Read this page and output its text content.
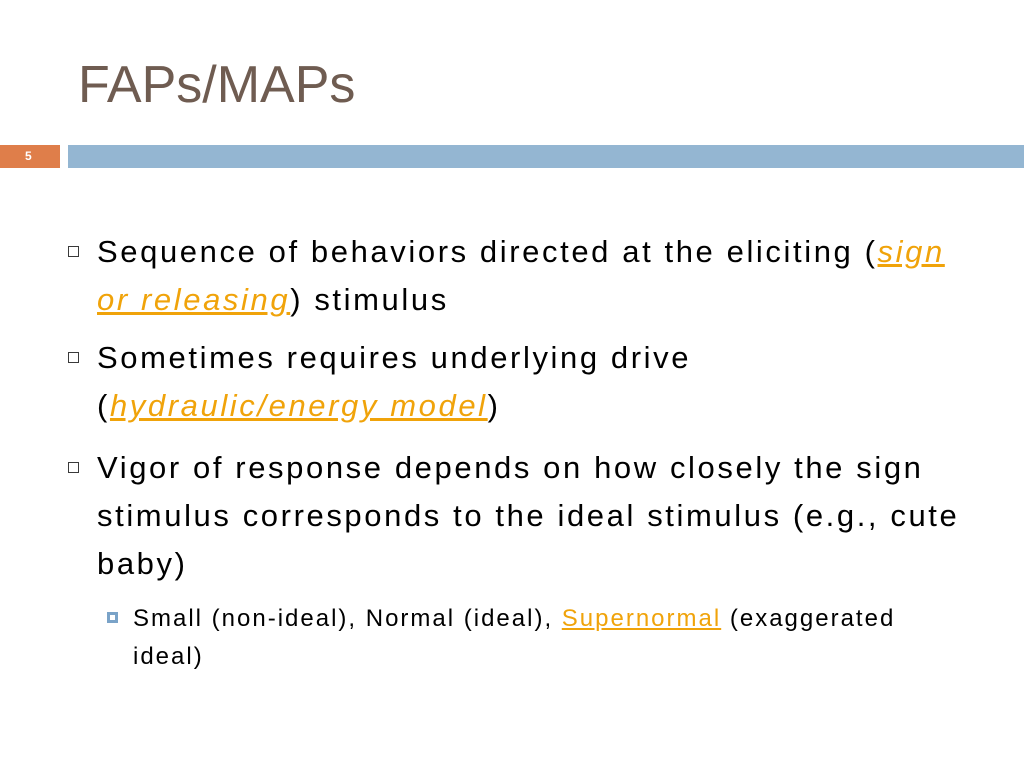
FAPs/MAPs
5
Sequence of behaviors directed at the eliciting (sign
or releasing) stimulus
Sometimes requires underlying drive
(hydraulic/energy model)
Vigor of response depends on how closely the sign
stimulus corresponds to the ideal stimulus (e.g., cute
baby)
Small (non-ideal), Normal (ideal), Supernormal (exaggerated
ideal)
